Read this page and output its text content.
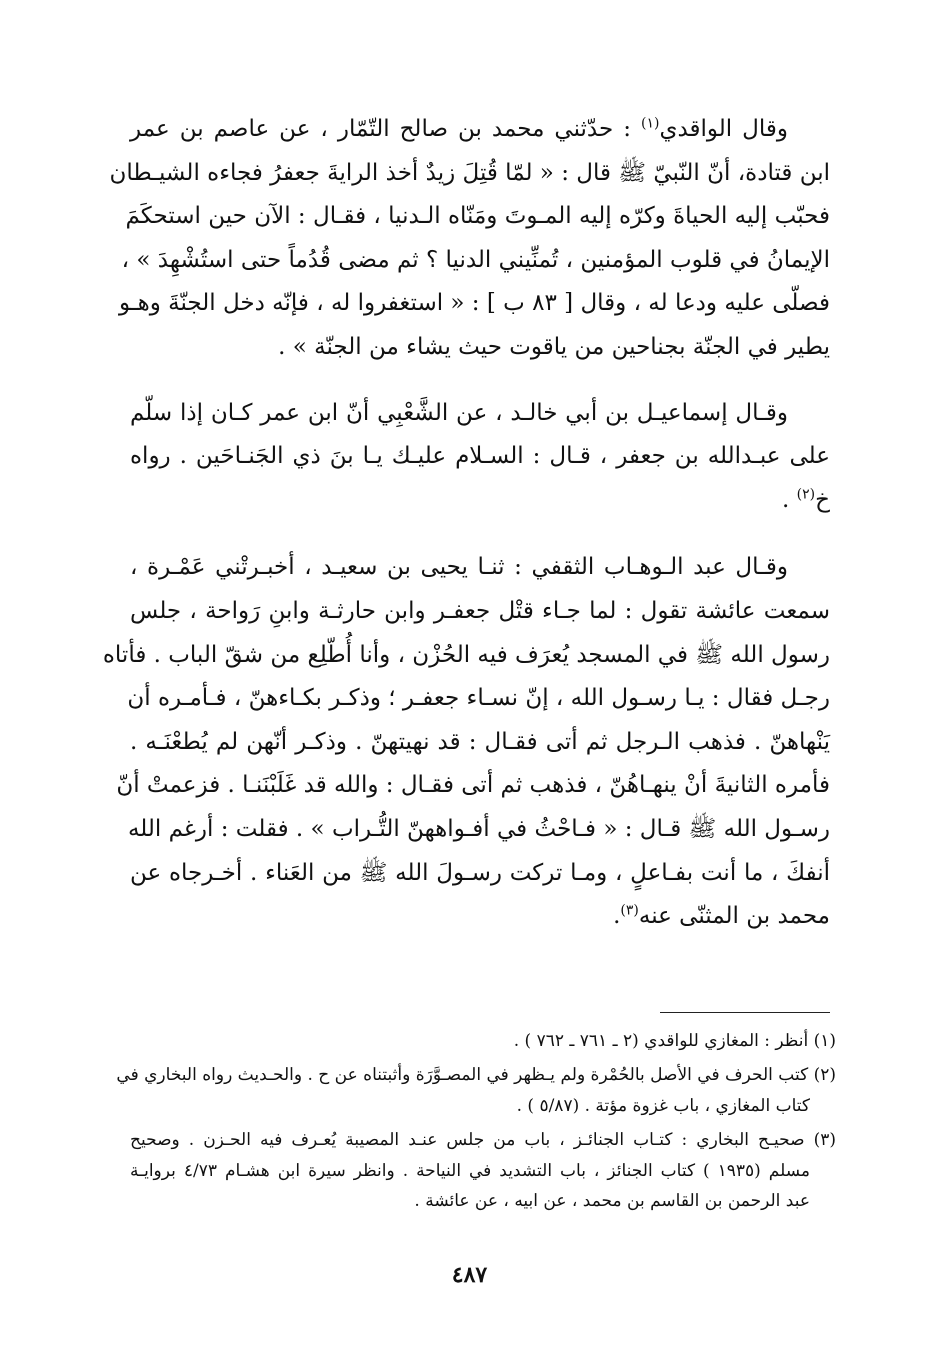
وقال الواقدي$^{(١)}$ : حدّثني محمد بن صالح التّمّار ، عن عاصم بن عمر
ابن قتادة، أنّ النّبيّ ﷺ قال : « لمّا قُتِلَ زيدٌ أخذ الرايةَ جعفرُ فجاءه الشيـطان
فحبّب إليه الحياةَ وكرّه إليه المـوتَ ومَنّاه الـدنيا ، فقـال : الآن حين استحكَمَ
الإيمانُ في قلوب المؤمنين ، تُمنِّيني الدنيا ؟ ثم مضى قُدُماً حتى استُشْهِدَ » ،
فصلّى عليه ودعا له ، وقال [ ٨٣ ب ] : « استغفروا له ، فإنّه دخل الجنّةَ وهـو
يطير في الجنّة بجناحين من ياقوت حيث يشاء من الجنّة » .
وقـال إسماعيـل بن أبي خالـد ، عن الشَّعْبِي أنّ ابن عمر كـان إذا سلّم
على عبـدالله بن جعفر ، قـال : السـلام عليـك يـا بنَ ذي الجَنـاحَين . رواه
خ$^{(٢)}$ .
وقـال عبد الـوهـاب الثقفي : ثنـا يحيى بن سعيـد ، أخبـرتْني عَمْـرة ،
سمعت عائشة تقول : لما جـاء قتْل جعفـر وابن حارثـة وابنِ رَواحة ، جلس
رسول الله ﷺ في المسجد يُعرَف فيه الحُزْن ، وأنا أُطّلِع من شقّ الباب . فأتاه
رجـل فقال : يـا رسـول الله ، إنّ نسـاء جعفـر ؛ وذكـر بكـاءهنّ ، فـأمـره أن
يَنْهاهنّ . فذهب الـرجل ثم أتى فقـال : قد نهيتهنّ . وذكـر أنّهن لم يُطعْنَـه .
فأمره الثانيةَ أنْ ينهـاهُنّ ، فذهب ثم أتى فقـال : والله قد غَلَبْنَنـا . فزعمتْ أنّ
رسـول الله ﷺ قـال : « فـاحْثُ في أفـواههنّ التُّـراب » . فقلت : أرغم الله
أنفكَ ، ما أنت بفـاعلٍ ، ومـا تركت رسـولَ الله ﷺ من العَناء . أخـرجاه عن
محمد بن المثنّى عنه$^{(٣)}$.
(١) أنظر : المغازي للواقدي (٢ ـ ٧٦١ ـ ٧٦٢ ) .
(٢) كتب الحرف في الأصل بالحُمْرة ولم يـظهر في المصـوَّرَة وأثبتناه عن ح . والحـديث رواه البخاري في
كتاب المغازي ، باب غزوة مؤتة . (٥/٨٧ ) .
(٣) صحيـح البخاري : كتـاب الجنائـز ، باب من جلس عنـد المصيبة يُعـرف فيه الحـزن . وصحيح
مسلم (١٩٣٥ ) كتاب الجنائز ، باب التشديد في النياحة . وانظر سيرة ابن هشـام ٤/٧٣ بروايـة
عبد الرحمن بن القاسم بن محمد ، عن ابيه ، عن عائشة .
٤٨٧
